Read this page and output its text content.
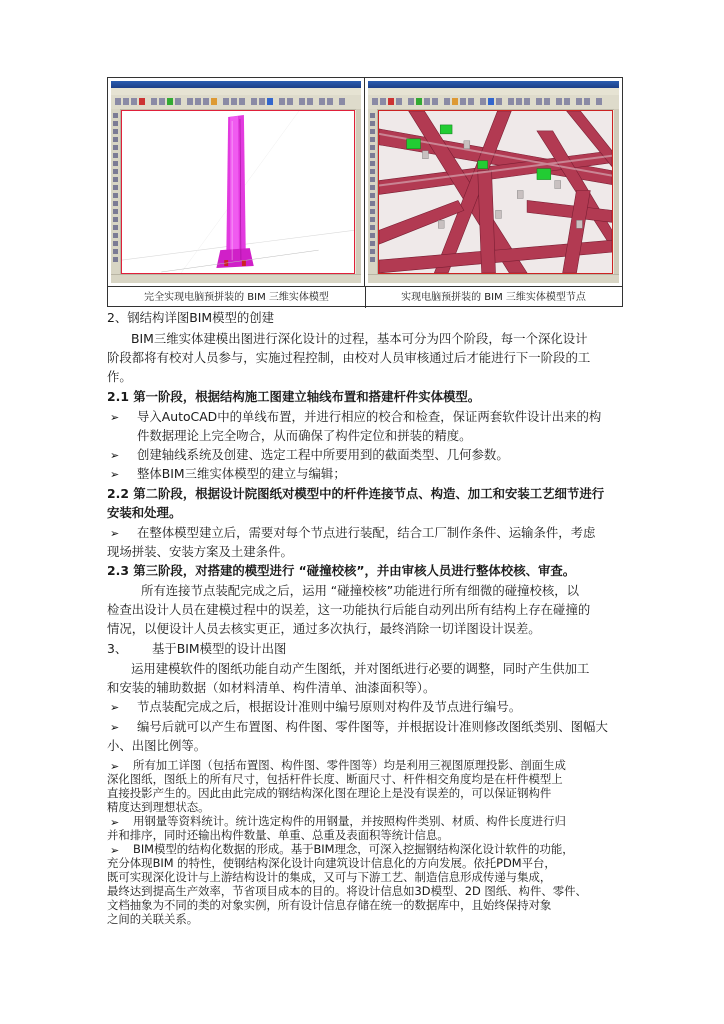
完全实现电脑预拼装的 BIM 三维实体模型	实现电脑预拼装的 BIM 三维实体模型节点
2、钢结构详图BIM模型的创建
BIM三维实体建模出图进行深化设计的过程，基本可分为四个阶段，每一个深化设计
阶段都将有校对人员参与，实施过程控制，由校对人员审核通过后才能进行下一阶段的工
作。
2.1 第一阶段，根据结构施工图建立轴线布置和搭建杆件实体模型。
➢ 导入AutoCAD中的单线布置，并进行相应的校合和检查，保证两套软件设计出来的构
件数据理论上完全吻合，从而确保了构件定位和拼装的精度。
➢ 创建轴线系统及创建、选定工程中所要用到的截面类型、几何参数。
➢ 整体BIM三维实体模型的建立与编辑；
2.2 第二阶段，根据设计院图纸对模型中的杆件连接节点、构造、加工和安装工艺细节进行
安装和处理。
➢ 在整体模型建立后，需要对每个节点进行装配，结合工厂制作条件、运输条件，考虑
现场拼装、安装方案及土建条件。
2.3 第三阶段，对搭建的模型进行 “碰撞校核”，并由审核人员进行整体校核、审查。
所有连接节点装配完成之后，运用 “碰撞校核”功能进行所有细微的碰撞校核，以
检查出设计人员在建模过程中的误差，这一功能执行后能自动列出所有结构上存在碰撞的
情况，以便设计人员去核实更正，通过多次执行，最终消除一切详图设计误差。
3、 基于BIM模型的设计出图
运用建模软件的图纸功能自动产生图纸，并对图纸进行必要的调整，同时产生供加工
和安装的辅助数据（如材料清单、构件清单、油漆面积等）。
➢ 节点装配完成之后，根据设计准则中编号原则对构件及节点进行编号。
➢ 编号后就可以产生布置图、构件图、零件图等，并根据设计准则修改图纸类别、图幅大
小、出图比例等。
➢ 所有加工详图（包括布置图、构件图、零件图等）均是利用三视图原理投影、剖面生成
深化图纸，图纸上的所有尺寸，包括杆件长度、断面尺寸、杆件相交角度均是在杆件模型上
直接投影产生的。因此由此完成的钢结构深化图在理论上是没有误差的，可以保证钢构件
精度达到理想状态。
➢ 用钢量等资料统计。统计选定构件的用钢量，并按照构件类别、材质、构件长度进行归
并和排序，同时还输出构件数量、单重、总重及表面积等统计信息。
➢ BIM模型的结构化数据的形成。基于BIM理念，可深入挖掘钢结构深化设计软件的功能，
充分体现BIM 的特性，使钢结构深化设计向建筑设计信息化的方向发展。依托PDM平台，
既可实现深化设计与上游结构设计的集成，又可与下游工艺、制造信息形成传递与集成，
最终达到提高生产效率，节省项目成本的目的。将设计信息如3D模型、2D 图纸、构件、零件、
文档抽象为不同的类的对象实例，所有设计信息存储在统一的数据库中，且始终保持对象
之间的关联关系。
